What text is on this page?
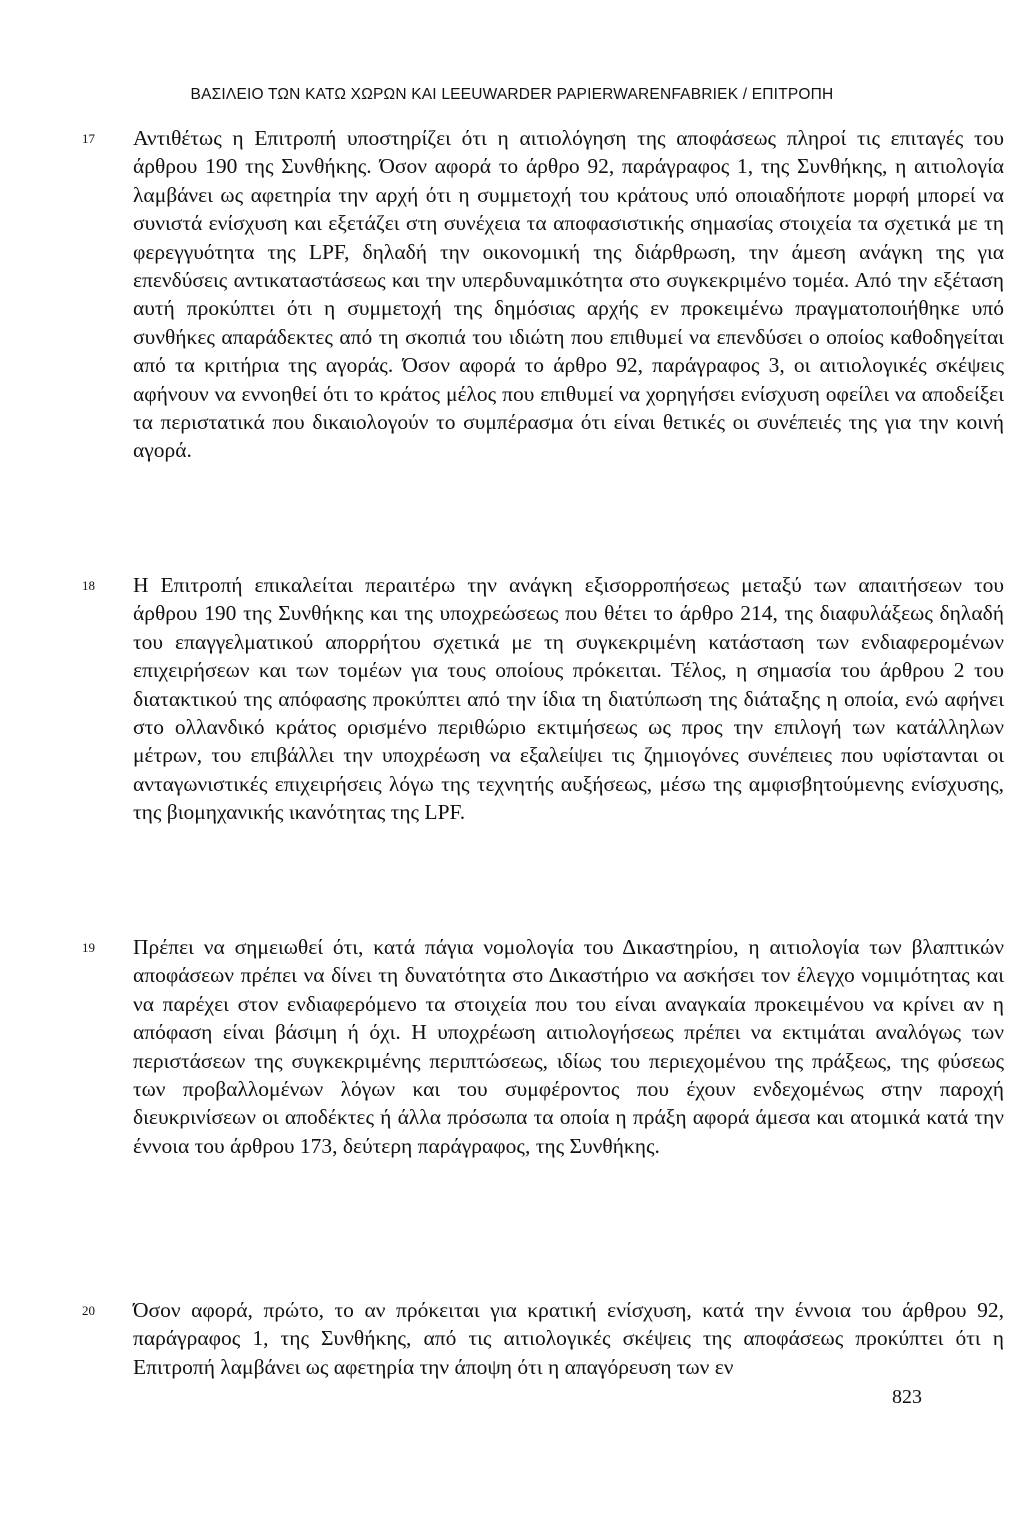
ΒΑΣΙΛΕΙΟ ΤΩΝ ΚΑΤΩ ΧΩΡΩΝ ΚΑΙ LEEUWARDER PAPIERWARENFABRIEK / ΕΠΙΤΡΟΠΗ
17	Αντιθέτως η Επιτροπή υποστηρίζει ότι η αιτιολόγηση της αποφάσεως πληροί τις επιταγές του άρθρου 190 της Συνθήκης. Όσον αφορά το άρθρο 92, παράγραφος 1, της Συνθήκης, η αιτιολογία λαμβάνει ως αφετηρία την αρχή ότι η συμμετοχή του κράτους υπό οποιαδήποτε μορφή μπορεί να συνιστά ενίσχυση και εξετάζει στη συνέχεια τα αποφασιστικής σημασίας στοιχεία τα σχετικά με τη φερεγγυότητα της LPF, δηλαδή την οικονομική της διάρθρωση, την άμεση ανάγκη της για επενδύσεις αντικαταστάσεως και την υπερδυναμικότητα στο συγκεκριμένο τομέα. Από την εξέταση αυτή προκύπτει ότι η συμμετοχή της δημόσιας αρχής εν προκειμένω πραγματοποιήθηκε υπό συνθήκες απαράδεκτες από τη σκοπιά του ιδιώτη που επιθυμεί να επενδύσει ο οποίος καθοδηγείται από τα κριτήρια της αγοράς. Όσον αφορά το άρθρο 92, παράγραφος 3, οι αιτιολογικές σκέψεις αφήνουν να εννοηθεί ότι το κράτος μέλος που επιθυμεί να χορηγήσει ενίσχυση οφείλει να αποδείξει τα περιστατικά που δικαιολογούν το συμπέρασμα ότι είναι θετικές οι συνέπειές της για την κοινή αγορά.

18	Η Επιτροπή επικαλείται περαιτέρω την ανάγκη εξισορροπήσεως μεταξύ των απαιτήσεων του άρθρου 190 της Συνθήκης και της υποχρεώσεως που θέτει το άρθρο 214, της διαφυλάξεως δηλαδή του επαγγελματικού απορρήτου σχετικά με τη συγκεκριμένη κατάσταση των ενδιαφερομένων επιχειρήσεων και των τομέων για τους οποίους πρόκειται. Τέλος, η σημασία του άρθρου 2 του διατακτικού της απόφασης προκύπτει από την ίδια τη διατύπωση της διάταξης η οποία, ενώ αφήνει στο ολλανδικό κράτος ορισμένο περιθώριο εκτιμήσεως ως προς την επιλογή των κατάλληλων μέτρων, του επιβάλλει την υποχρέωση να εξαλείψει τις ζημιογόνες συνέπειες που υφίστανται οι ανταγωνιστικές επιχειρήσεις λόγω της τεχνητής αυξήσεως, μέσω της αμφισβητούμενης ενίσχυσης, της βιομηχανικής ικανότητας της LPF.

19	Πρέπει να σημειωθεί ότι, κατά πάγια νομολογία του Δικαστηρίου, η αιτιολογία των βλαπτικών αποφάσεων πρέπει να δίνει τη δυνατότητα στο Δικαστήριο να ασκήσει τον έλεγχο νομιμότητας και να παρέχει στον ενδιαφερόμενο τα στοιχεία που του είναι αναγκαία προκειμένου να κρίνει αν η απόφαση είναι βάσιμη ή όχι. Η υποχρέωση αιτιολογήσεως πρέπει να εκτιμάται αναλόγως των περιστάσεων της συγκεκριμένης περιπτώσεως, ιδίως του περιεχομένου της πράξεως, της φύσεως των προβαλλομένων λόγων και του συμφέροντος που έχουν ενδεχομένως στην παροχή διευκρινίσεων οι αποδέκτες ή άλλα πρόσωπα τα οποία η πράξη αφορά άμεσα και ατομικά κατά την έννοια του άρθρου 173, δεύτερη παράγραφος, της Συνθήκης.

20	Όσον αφορά, πρώτο, το αν πρόκειται για κρατική ενίσχυση, κατά την έννοια του άρθρου 92, παράγραφος 1, της Συνθήκης, από τις αιτιολογικές σκέψεις της αποφάσεως προκύπτει ότι η Επιτροπή λαμβάνει ως αφετηρία την άποψη ότι η απαγόρευση των εν

823
